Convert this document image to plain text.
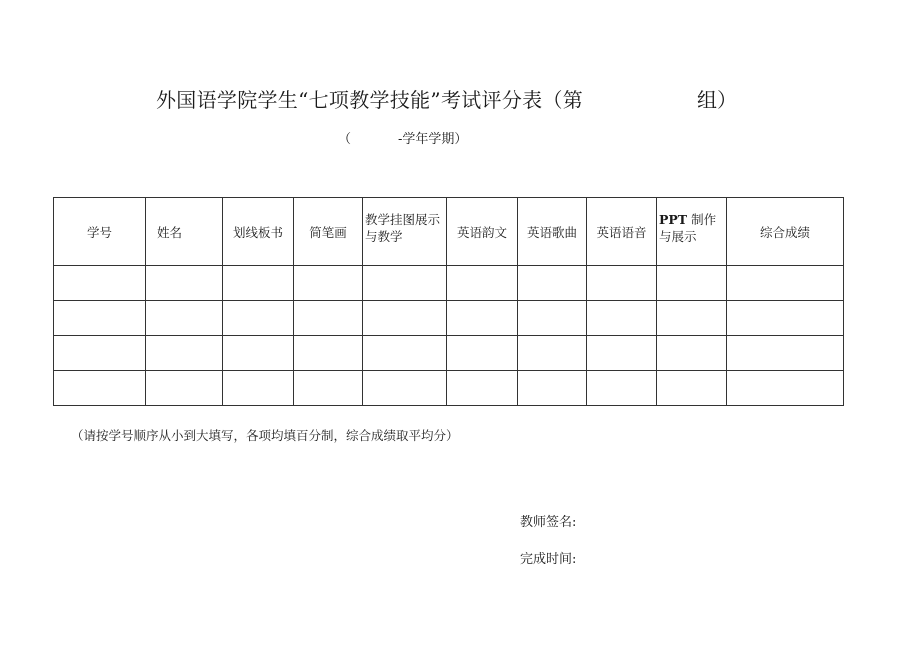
外国语学院学生“七项教学技能”考试评分表（第	组）
（	-学年学期）
学号	姓名	划线板书	简笔画	教学挂图展示与教学	英语韵文	英语歌曲	英语语音	PPT 制作与展示	综合成绩

（请按学号顺序从小到大填写，各项均填百分制，综合成绩取平均分）
教师签名:
完成时间:
